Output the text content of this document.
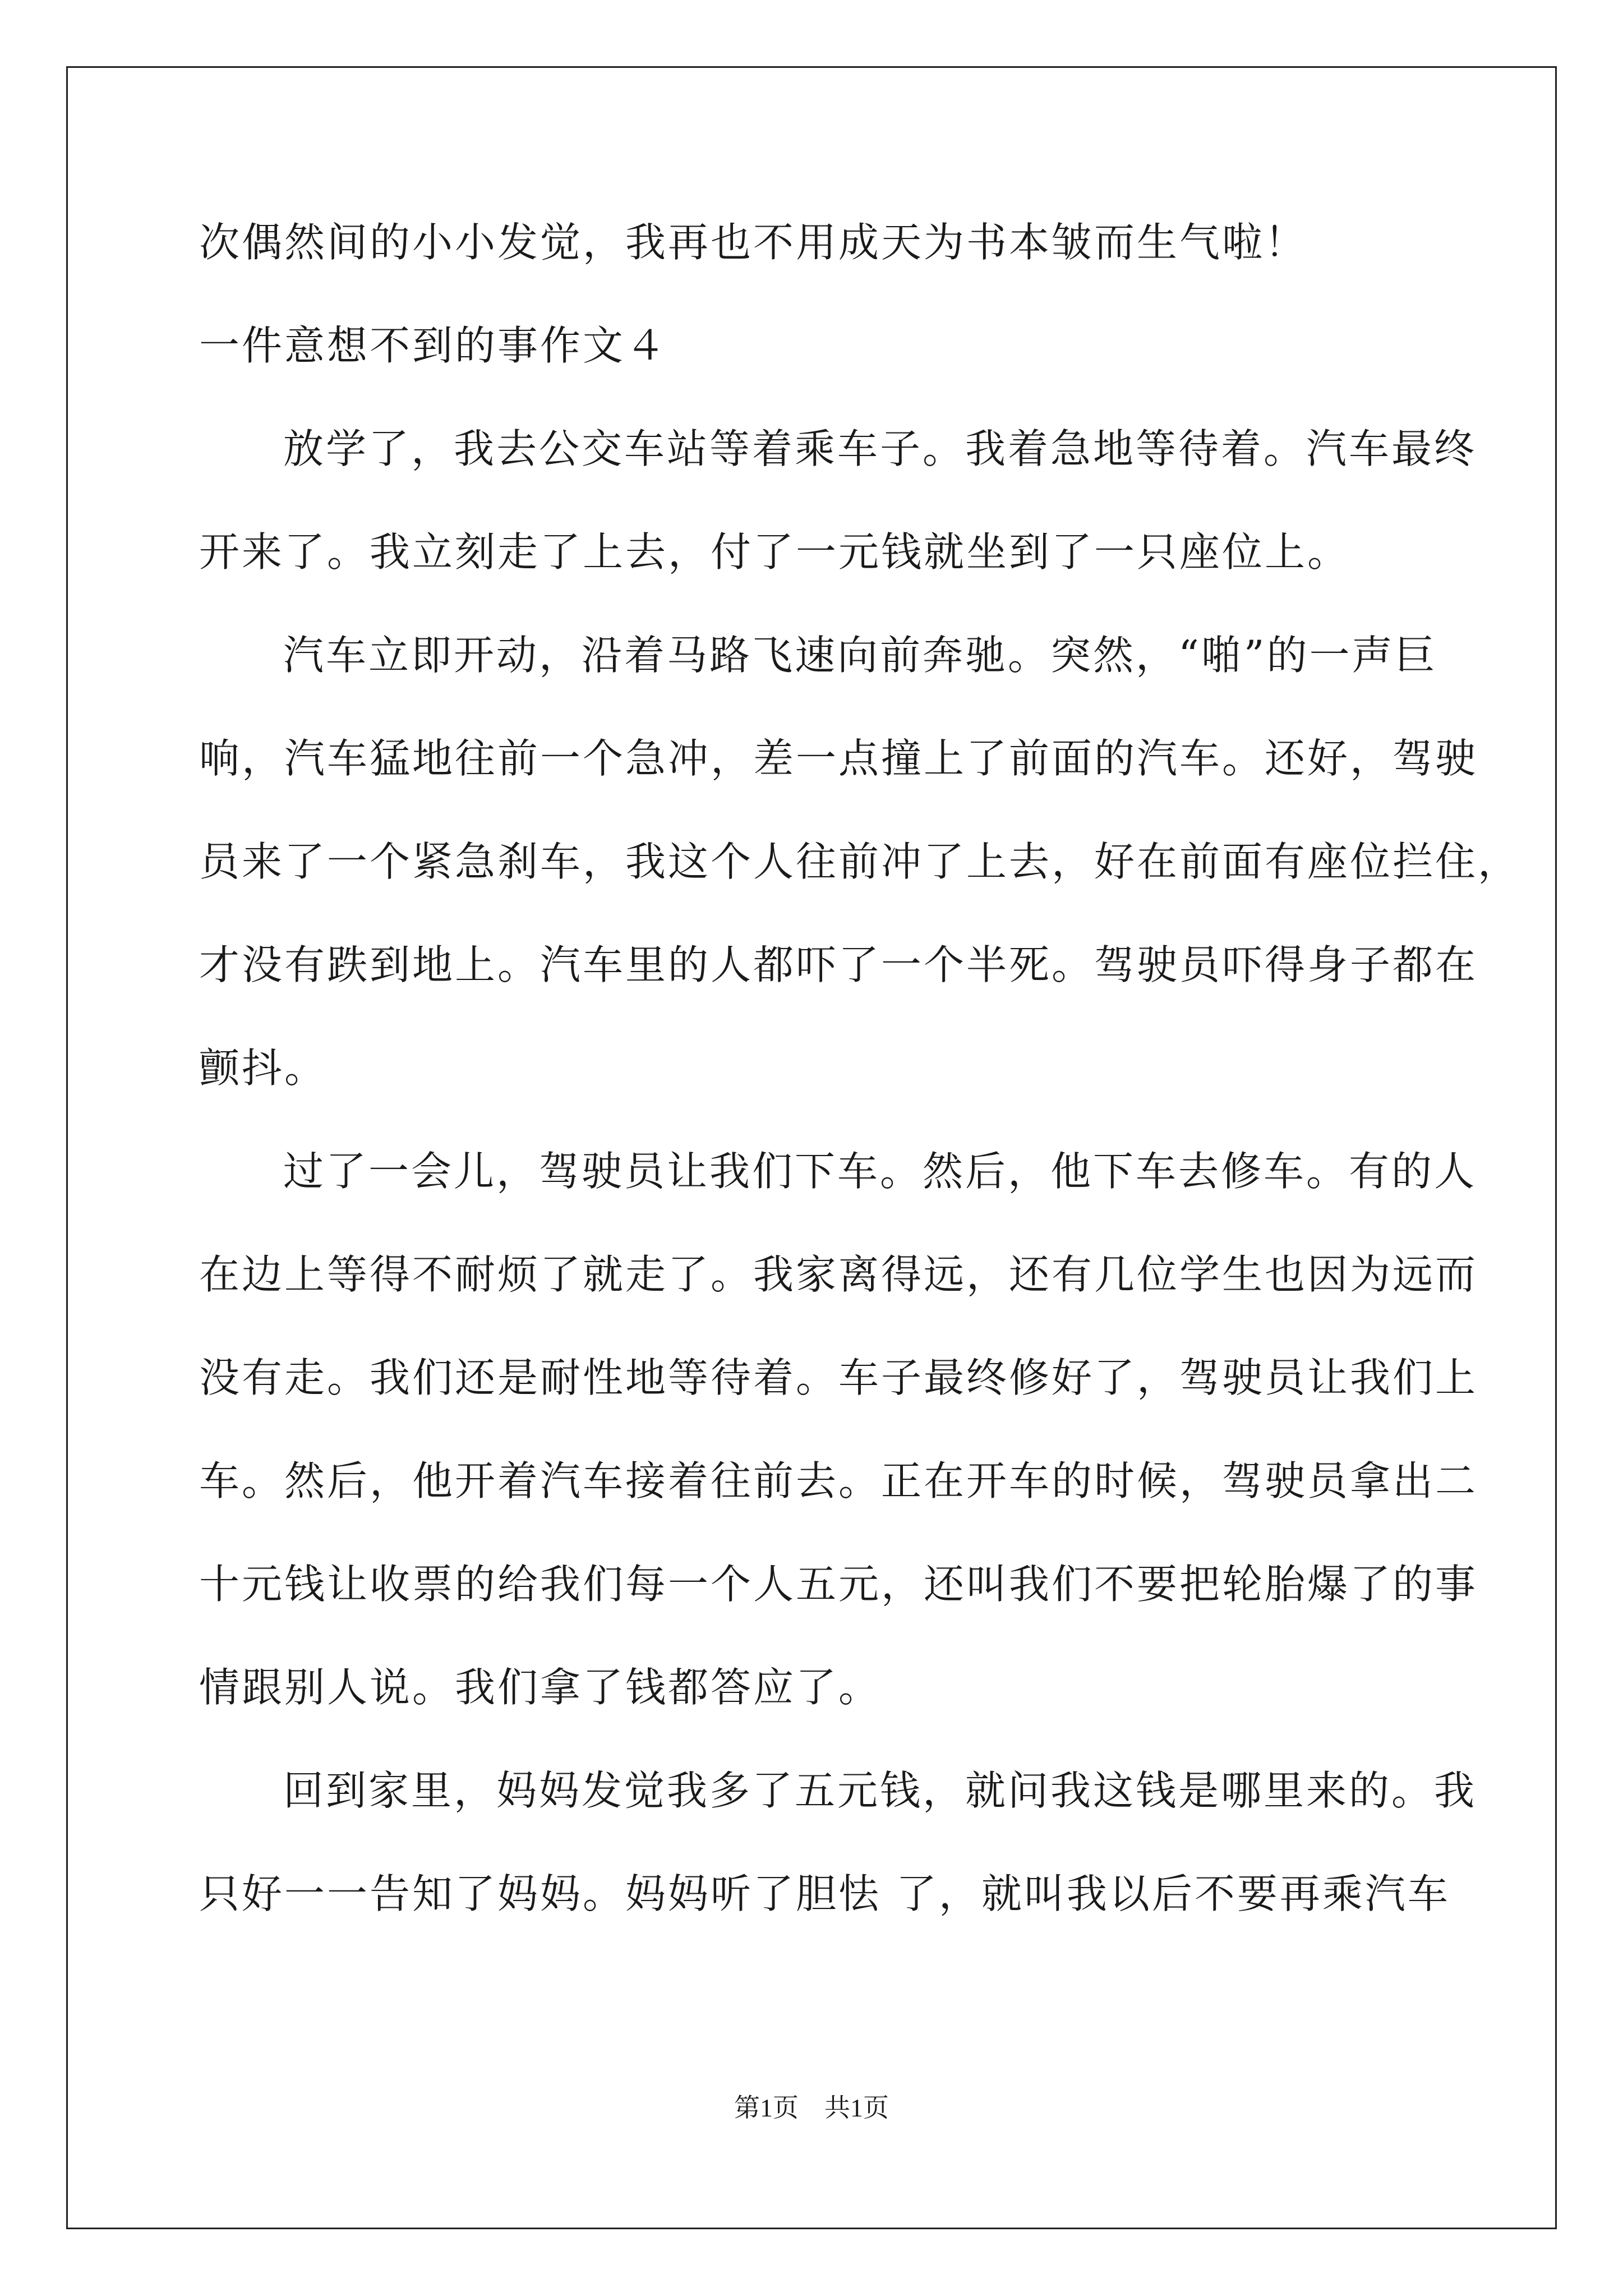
次偶然间的小小发觉，我再也不用成天为书本皱而生气啦！
一件意想不到的事作文４
放学了，我去公交车站等着乘车子。我着急地等待着。汽车最终
开来了。我立刻走了上去，付了一元钱就坐到了一只座位上。
汽车立即开动，沿着马路飞速向前奔驰。突然，“啪”的一声巨
响，汽车猛地往前一个急冲，差一点撞上了前面的汽车。还好，驾驶
员来了一个紧急刹车，我这个人往前冲了上去，好在前面有座位拦住，
才没有跌到地上。汽车里的人都吓了一个半死。驾驶员吓得身子都在
颤抖。
过了一会儿，驾驶员让我们下车。然后，他下车去修车。有的人
在边上等得不耐烦了就走了。我家离得远，还有几位学生也因为远而
没有走。我们还是耐性地等待着。车子最终修好了，驾驶员让我们上
车。然后，他开着汽车接着往前去。正在开车的时候，驾驶员拿出二
十元钱让收票的给我们每一个人五元，还叫我们不要把轮胎爆了的事
情跟别人说。我们拿了钱都答应了。
回到家里，妈妈发觉我多了五元钱，就问我这钱是哪里来的。我
只好一一告知了妈妈。妈妈听了胆怯 了，就叫我以后不要再乘汽车
第1页　共1页
